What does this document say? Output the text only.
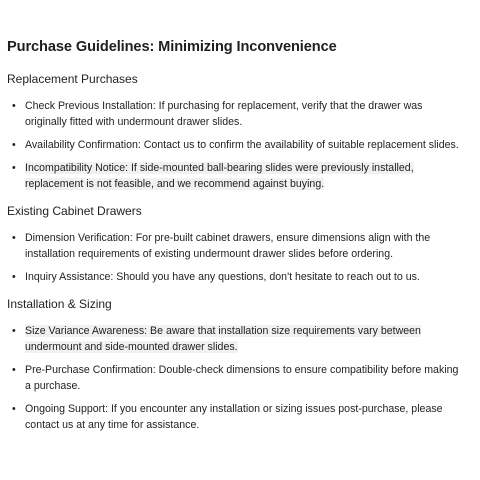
Purchase Guidelines: Minimizing Inconvenience
Replacement Purchases
• Check Previous Installation: If purchasing for replacement, verify that the drawer was originally fitted with undermount drawer slides.
• Availability Confirmation: Contact us to confirm the availability of suitable replacement slides.
• Incompatibility Notice: If side-mounted ball-bearing slides were previously installed, replacement is not feasible, and we recommend against buying.
Existing Cabinet Drawers
• Dimension Verification: For pre-built cabinet drawers, ensure dimensions align with the installation requirements of existing undermount drawer slides before ordering.
• Inquiry Assistance: Should you have any questions, don't hesitate to reach out to us.
Installation & Sizing
• Size Variance Awareness: Be aware that installation size requirements vary between undermount and side-mounted drawer slides.
• Pre-Purchase Confirmation: Double-check dimensions to ensure compatibility before making a purchase.
• Ongoing Support: If you encounter any installation or sizing issues post-purchase, please contact us at any time for assistance.
